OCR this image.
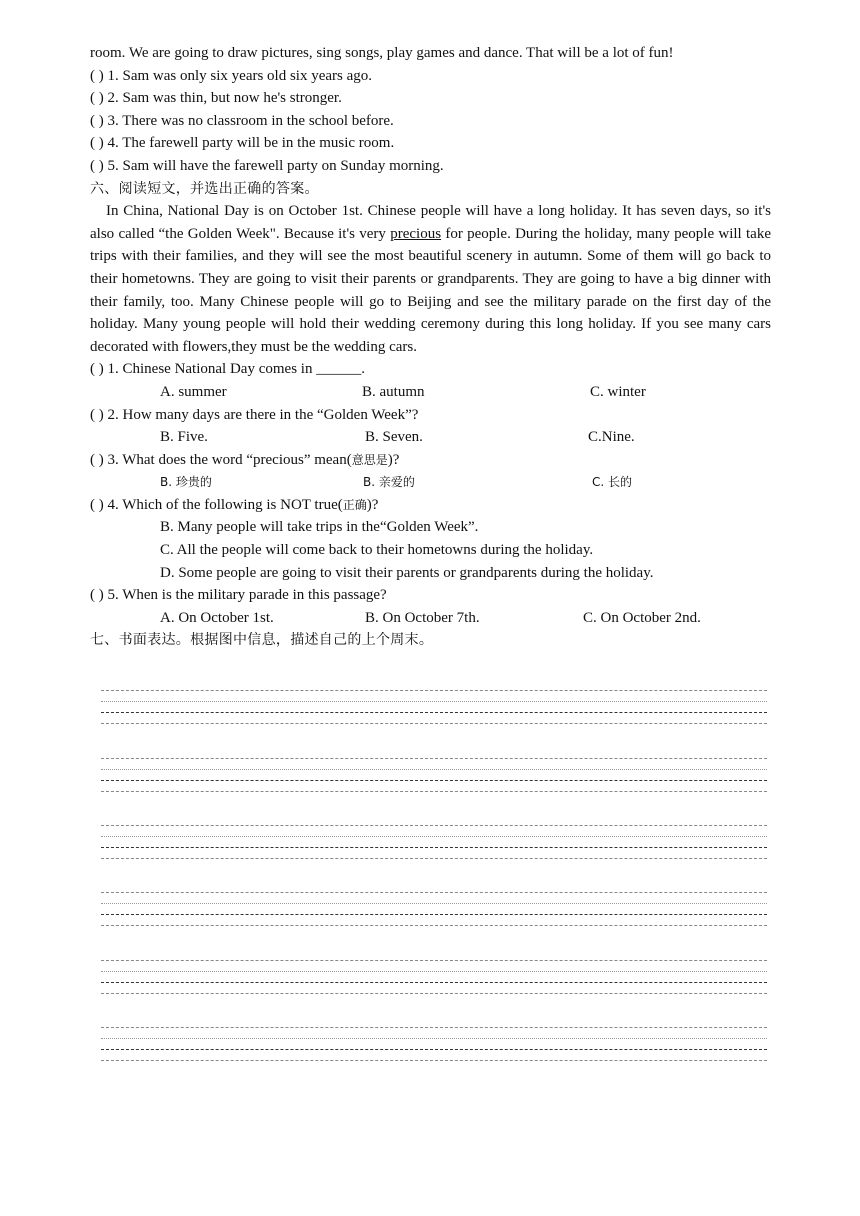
room. We are going to draw pictures, sing songs, play games and dance. That will be a lot of fun!
( ) 1. Sam was only six years old six years ago.
( ) 2. Sam was thin, but now he's stronger.
( ) 3. There was no classroom in the school before.
( ) 4. The farewell party will be in the music room.
( ) 5. Sam will have the farewell party on Sunday morning.
六、阅读短文，并选出正确的答案。
In China, National Day is on October 1st. Chinese people will have a long holiday. It has seven days, so it's also called “the Golden Week". Because it's very precious for people. During the holiday, many people will take trips with their families, and they will see the most beautiful scenery in autumn. Some of them will go back to their hometowns. They are going to visit their parents or grandparents. They are going to have a big dinner with their family, too. Many Chinese people will go to Beijing and see the military parade on the first day of the holiday. Many young people will hold their wedding ceremony during this long holiday. If you see many cars decorated with flowers,they must be the wedding cars.
( ) 1. Chinese National Day comes in ______.
A. summer	B. autumn	C. winter
( ) 2. How many days are there in the “Golden Week”?
B. Five.	B. Seven.	C.Nine.
( ) 3. What does the word “precious” mean(意思是)?
B. 珍贵的	B. 亲爱的	C. 长的
( ) 4. Which of the following is NOT true(正确)?
B. Many people will take trips in the“Golden Week”.
C. All the people will come back to their hometowns during the holiday.
D. Some people are going to visit their parents or grandparents during the holiday.
( ) 5. When is the military parade in this passage?
A. On October 1st.	B. On October 7th.	C. On October 2nd.
七、书面表达。根据图中信息，描述自己的上个周末。
